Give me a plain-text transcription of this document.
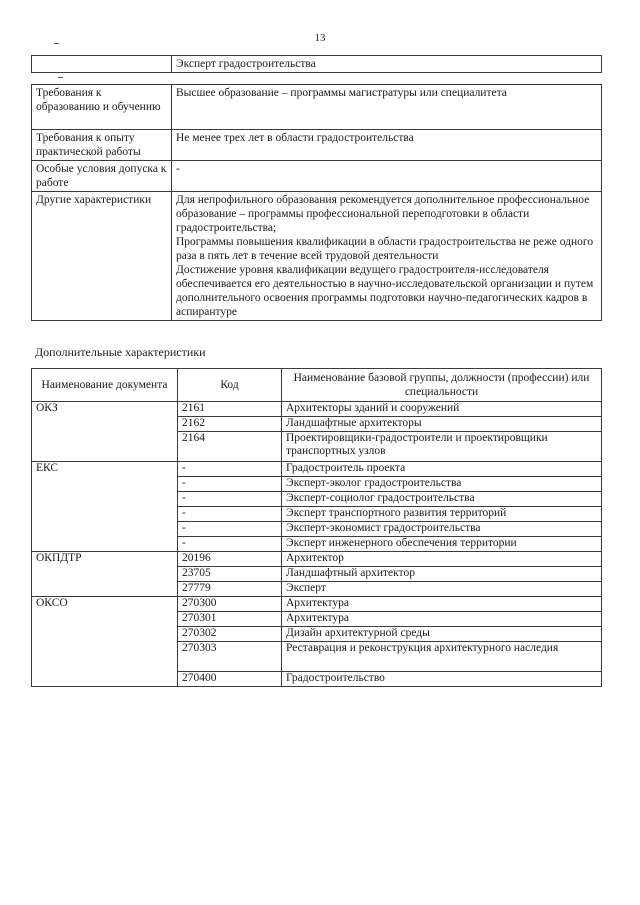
13
	Эксперт градостроительства
Требования к образованию и обучению	Высшее образование – программы магистратуры или специалитета
Требования к опыту практической работы	Не менее трех лет в области градостроительства
Особые условия допуска к работе	-
Другие характеристики	Для непрофильного образования рекомендуется дополнительное профессиональное образование – программы профессиональной переподготовки в области градостроительства;
Программы повышения квалификации в области градостроительства не реже одного раза в пять лет в течение всей трудовой деятельности
Достижение уровня квалификации ведущего градостроителя-исследователя обеспечивается его деятельностью в научно-исследовательской организации и путем дополнительного освоения программы подготовки научно-педагогических кадров в аспирантуре
Дополнительные характеристики
Наименование документа	Код	Наименование базовой группы, должности (профессии) или специальности
ОКЗ	2161	Архитекторы зданий и сооружений
	2162	Ландшафтные архитекторы
	2164	Проектировщики-градостроители и проектировщики транспортных узлов
ЕКС	-	Градостроитель проекта
	-	Эксперт-эколог градостроительства
	-	Эксперт-социолог градостроительства
	-	Эксперт транспортного развития территорий
	-	Эксперт-экономист градостроительства
	-	Эксперт инженерного обеспечения территории
ОКПДТР	20196	Архитектор
	23705	Ландшафтный архитектор
	27779	Эксперт
ОКСО	270300	Архитектура
	270301	Архитектура
	270302	Дизайн архитектурной среды
	270303	Реставрация и реконструкция архитектурного наследия
	270400	Градостроительство
